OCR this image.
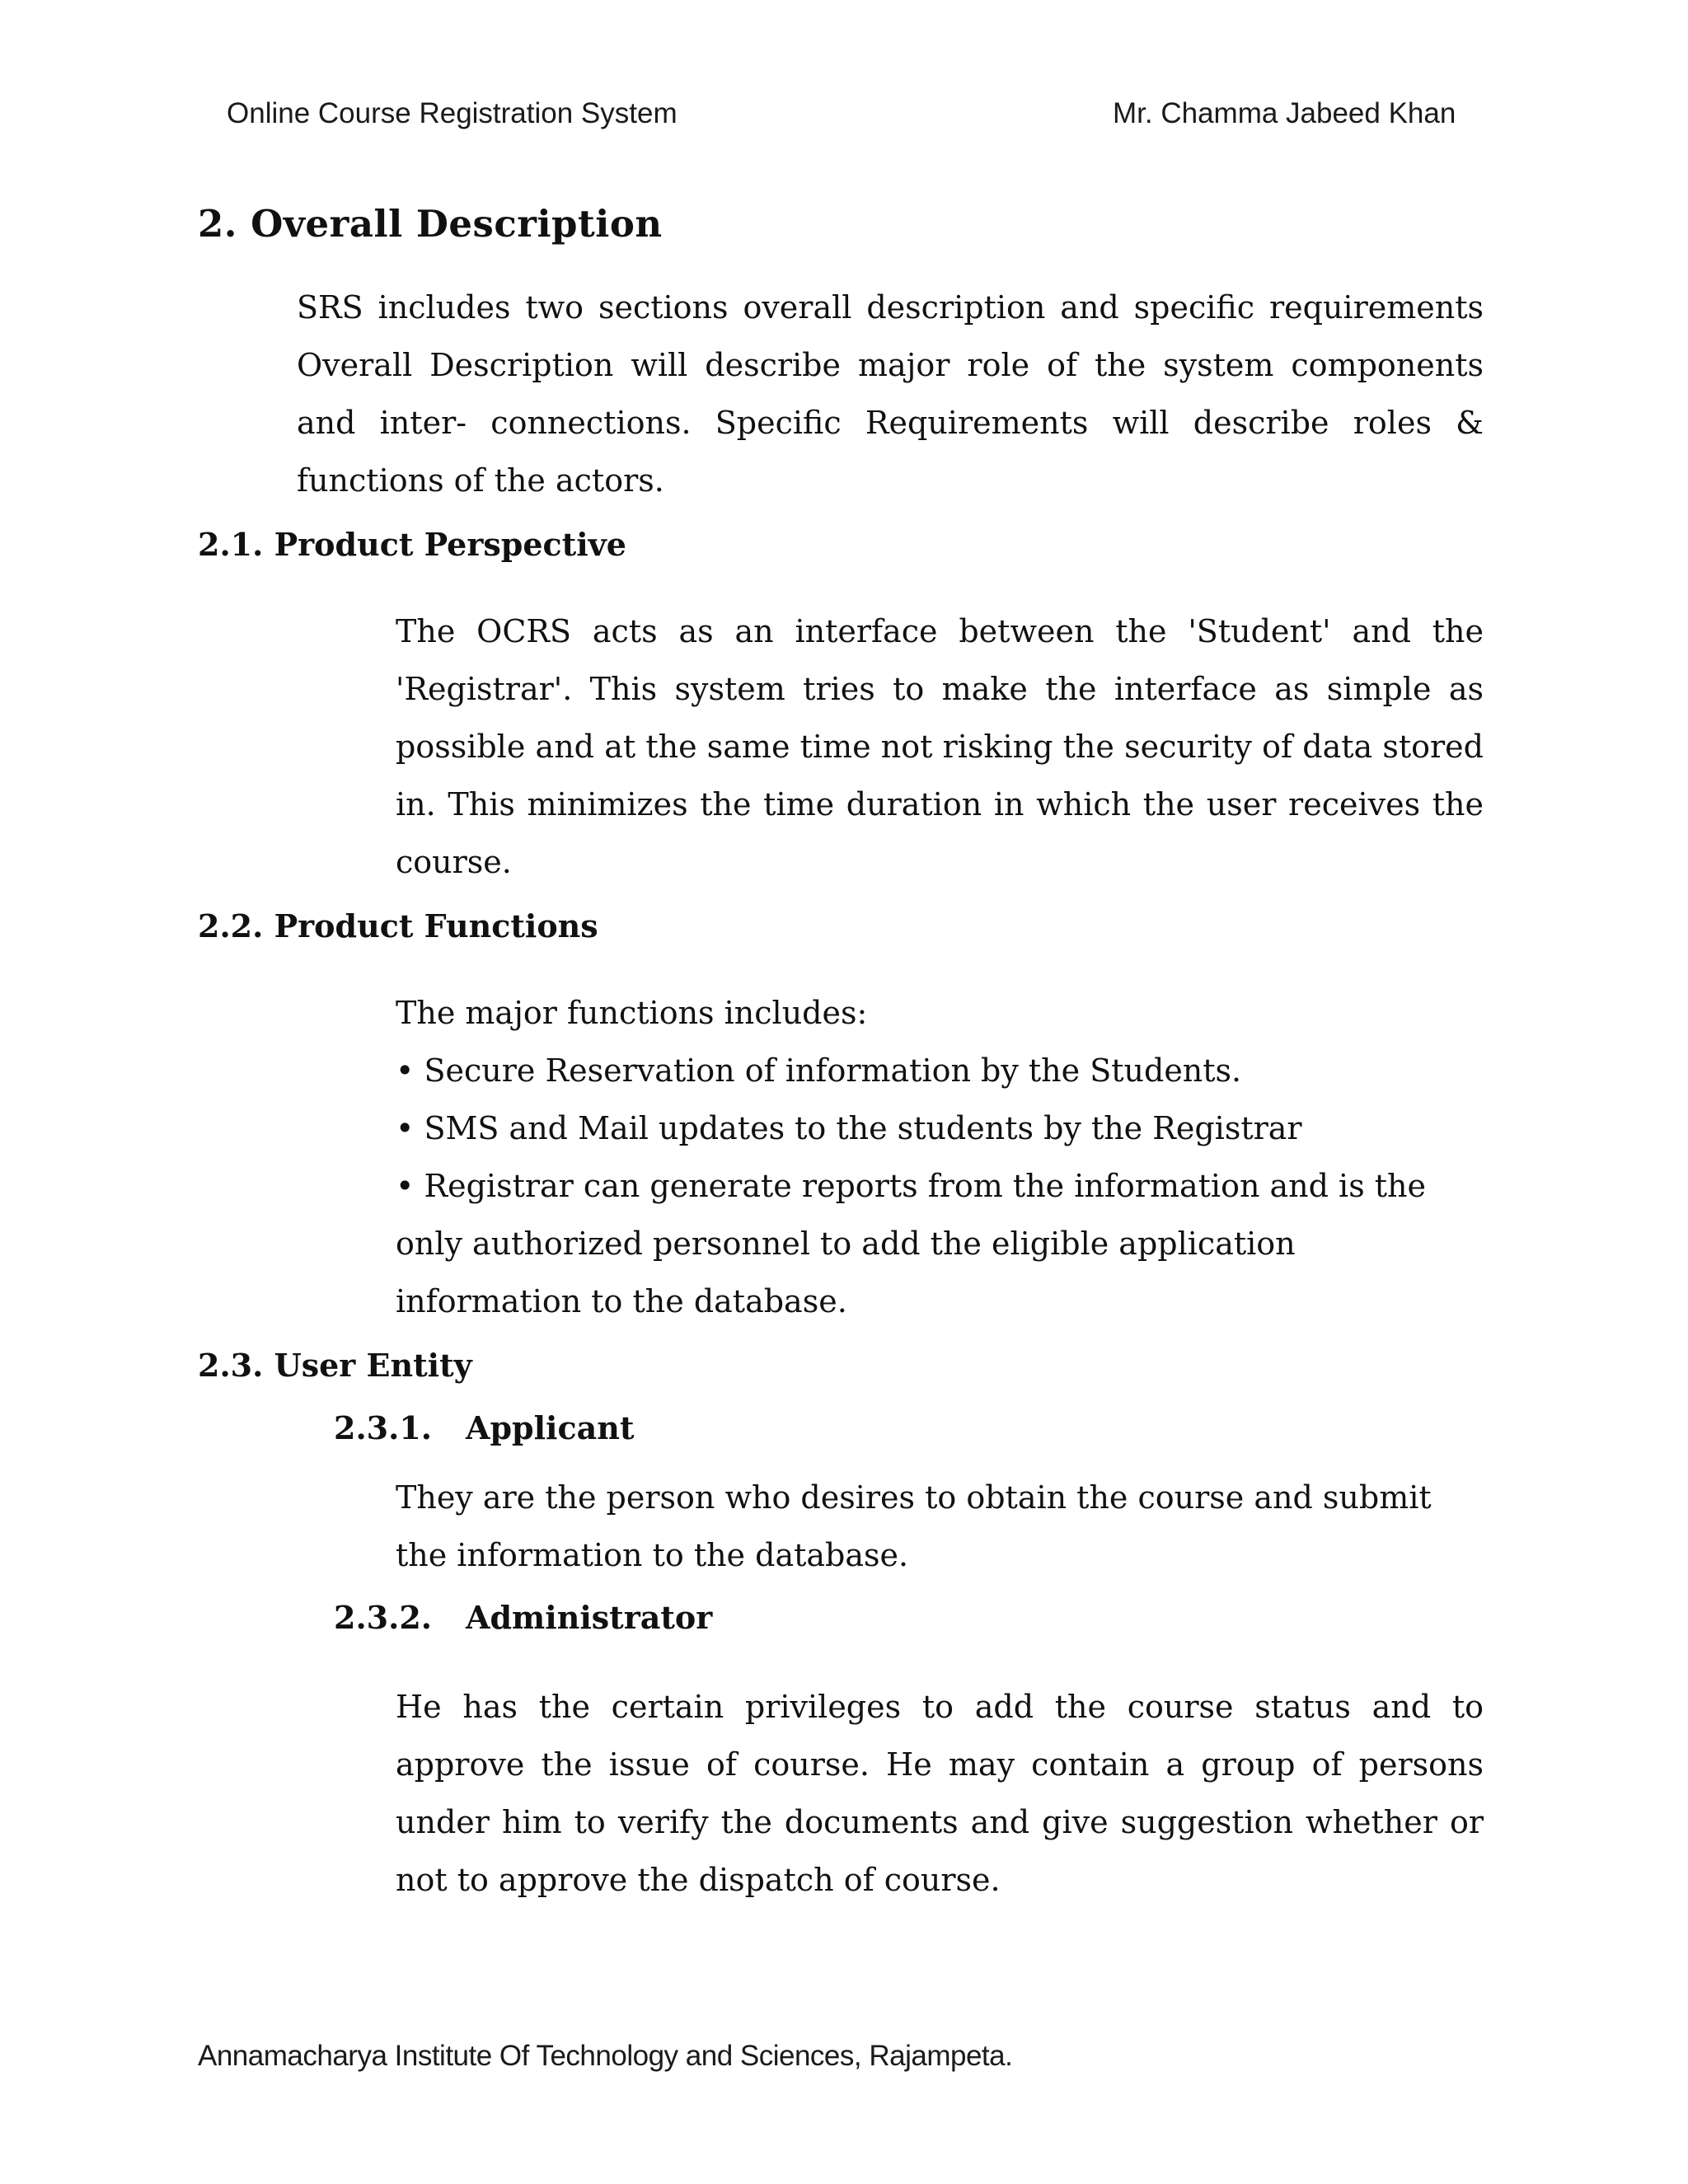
Online Course Registration System	Mr. Chamma Jabeed Khan
2. Overall Description

SRS includes two sections overall description and specific requirements Overall Description will describe major role of the system components and inter- connections. Specific Requirements will describe roles & functions of the actors.

2.1. Product Perspective

The OCRS acts as an interface between the 'Student' and the 'Registrar'. This system tries to make the interface as simple as possible and at the same time not risking the security of data stored in. This minimizes the time duration in which the user receives the course.

2.2. Product Functions

The major functions includes:

• Secure Reservation of information by the Students.

• SMS and Mail updates to the students by the Registrar

• Registrar can generate reports from the information and is the only authorized personnel to add the eligible application information to the database.

2.3. User Entity
2.3.1. Applicant

They are the person who desires to obtain the course and submit the information to the database.

2.3.2. Administrator

He has the certain privileges to add the course status and to approve the issue of course. He may contain a group of persons under him to verify the documents and give suggestion whether or not to approve the dispatch of course.

Annamacharya Institute Of Technology and Sciences, Rajampeta.
